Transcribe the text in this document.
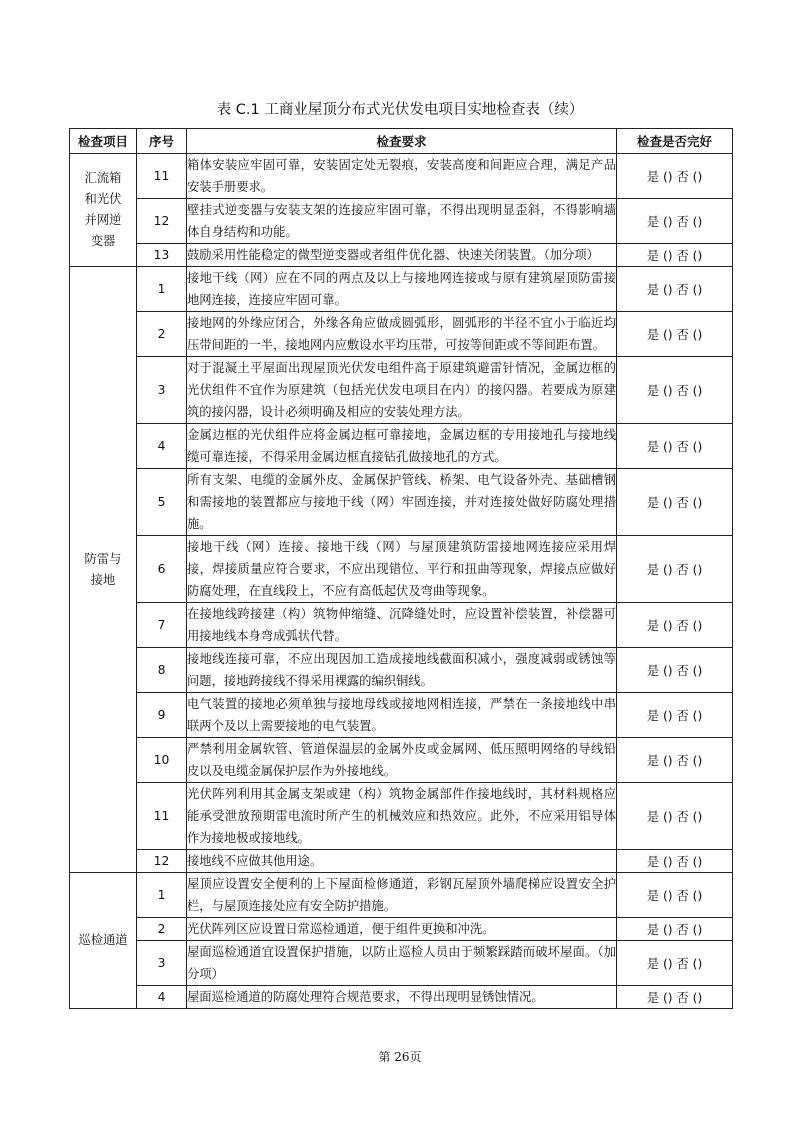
表 C.1 工商业屋顶分布式光伏发电项目实地检查表（续）
检查项目	序号	检查要求	检查是否完好

汇流箱和光伏并网逆变器	11	箱体安装应牢固可靠，安装固定处无裂痕，安装高度和间距应合理，满足产品安装手册要求。	是 () 否 ()
	12	壁挂式逆变器与安装支架的连接应牢固可靠，不得出现明显歪斜，不得影响墙体自身结构和功能。	是 () 否 ()
	13	鼓励采用性能稳定的微型逆变器或者组件优化器、快速关闭装置。（加分项）	是 () 否 ()

防雷与接地	1	接地干线（网）应在不同的两点及以上与接地网连接或与原有建筑屋顶防雷接地网连接，连接应牢固可靠。	是 () 否 ()
	2	接地网的外缘应闭合，外缘各角应做成圆弧形，圆弧形的半径不宜小于临近均压带间距的一半，接地网内应敷设水平均压带，可按等间距或不等间距布置。	是 () 否 ()
	3	对于混凝土平屋面出现屋顶光伏发电组件高于原建筑避雷针情况，金属边框的光伏组件不宜作为原建筑（包括光伏发电项目在内）的接闪器。若要成为原建筑的接闪器，设计必须明确及相应的安装处理方法。	是 () 否 ()
	4	金属边框的光伏组件应将金属边框可靠接地，金属边框的专用接地孔与接地线缆可靠连接，不得采用金属边框直接钻孔做接地孔的方式。	是 () 否 ()
	5	所有支架、电缆的金属外皮、金属保护管线、桥架、电气设备外壳、基础槽钢和需接地的装置都应与接地干线（网）牢固连接，并对连接处做好防腐处理措施。	是 () 否 ()
	6	接地干线（网）连接、接地干线（网）与屋顶建筑防雷接地网连接应采用焊接，焊接质量应符合要求，不应出现错位、平行和扭曲等现象，焊接点应做好防腐处理，在直线段上，不应有高低起伏及弯曲等现象。	是 () 否 ()
	7	在接地线跨接建（构）筑物伸缩缝、沉降缝处时，应设置补偿装置，补偿器可用接地线本身弯成弧状代替。	是 () 否 ()
	8	接地线连接可靠，不应出现因加工造成接地线截面积减小，强度减弱或锈蚀等问题，接地跨接线不得采用裸露的编织铜线。	是 () 否 ()
	9	电气装置的接地必须单独与接地母线或接地网相连接，严禁在一条接地线中串联两个及以上需要接地的电气装置。	是 () 否 ()
	10	严禁利用金属软管、管道保温层的金属外皮或金属网、低压照明网络的导线铅皮以及电缆金属保护层作为外接地线。	是 () 否 ()
	11	光伏阵列利用其金属支架或建（构）筑物金属部件作接地线时，其材料规格应能承受泄放预期雷电流时所产生的机械效应和热效应。此外，不应采用铝导体作为接地极或接地线。	是 () 否 ()
	12	接地线不应做其他用途。	是 () 否 ()

巡检通道	1	屋顶应设置安全便利的上下屋面检修通道，彩钢瓦屋顶外墙爬梯应设置安全护栏，与屋顶连接处应有安全防护措施。	是 () 否 ()
	2	光伏阵列区应设置日常巡检通道，便于组件更换和冲洗。	是 () 否 ()
	3	屋面巡检通道宜设置保护措施，以防止巡检人员由于频繁踩踏而破坏屋面。（加分项）	是 () 否 ()
	4	屋面巡检通道的防腐处理符合规范要求，不得出现明显锈蚀情况。	是 () 否 ()
第 26页
